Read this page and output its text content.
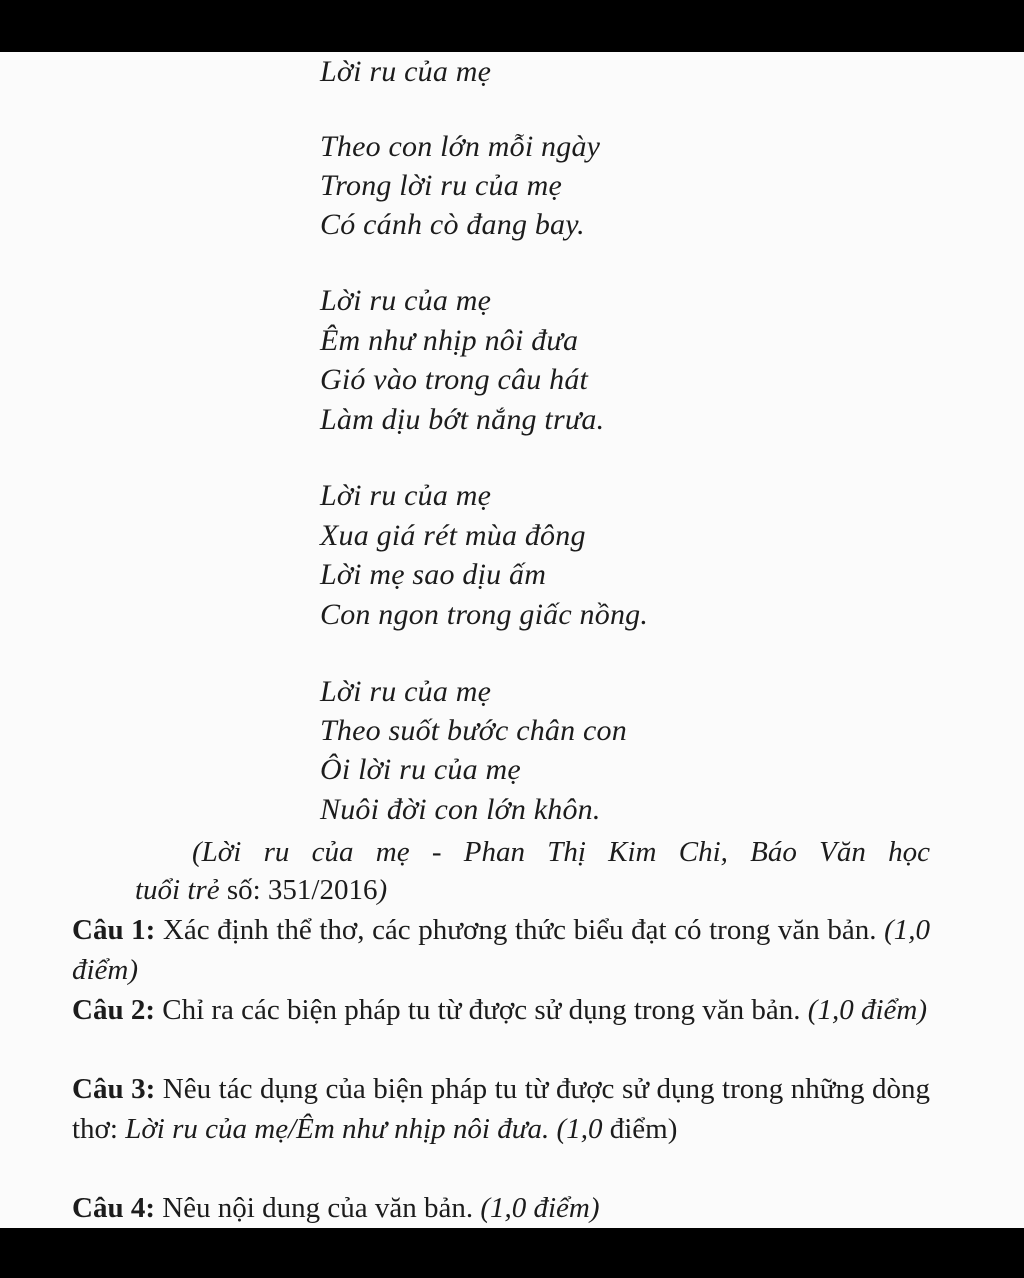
Lời ru của mẹ
Theo con lớn mỗi ngày
Trong lời ru của mẹ
Có cánh cò đang bay.
Lời ru của mẹ
Êm như nhịp nôi đưa
Gió vào trong câu hát
Làm dịu bớt nắng trưa.
Lời ru của mẹ
Xua giá rét mùa đông
Lời mẹ sao dịu ấm
Con ngon trong giấc nồng.
Lời ru của mẹ
Theo suốt bước chân con
Ôi lời ru của mẹ
Nuôi đời con lớn khôn.
(Lời ru của mẹ - Phan Thị Kim Chi, Báo Văn học
tuổi trẻ số: 351/2016)
Câu 1: Xác định thể thơ, các phương thức biểu đạt có trong văn bản. (1,0 điểm)
Câu 2: Chỉ ra các biện pháp tu từ được sử dụng trong văn bản. (1,0 điểm)
Câu 3: Nêu tác dụng của biện pháp tu từ được sử dụng trong những dòng thơ: Lời ru của mẹ/Êm như nhịp nôi đưa. (1,0 điểm)
Câu 4: Nêu nội dung của văn bản. (1,0 điểm)
